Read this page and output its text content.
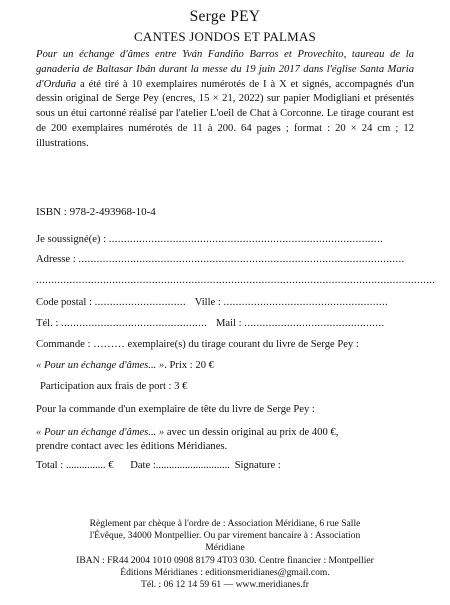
Serge PEY
CANTES JONDOS ET PALMAS
Pour un échange d'âmes entre Yván Fandiño Barros et Provechito, taureau de la ganaderia de Baltasar Ibán durant la messe du 19 juin 2017 dans l'église Santa Maria d'Orduña a été tiré à 10 exemplaires numérotés de I à X et signés, accompagnés d'un dessin original de Serge Pey (encres, 15 × 21, 2022) sur papier Modigliani et présentés sous un étui cartonné réalisé par l'atelier L'oeil de Chat à Corconne. Le tirage courant est de 200 exemplaires numérotés de 11 à 200. 64 pages ; format : 20 × 24 cm ; 12 illustrations.
ISBN : 978-2-493968-10-4
Je soussigné(e) : ..........................................................................................
Adresse : ...........................................................................................................
...................................................................................................................................
Code postal : .............................. Ville : ......................................................
Tél. : ................................................ Mail : ..............................................
Commande : ……… exemplaire(s) du tirage courant du livre de Serge Pey :
« Pour un échange d'âmes... ». Prix : 20 €
Participation aux frais de port : 3 €
Pour la commande d'un exemplaire de tête du livre de Serge Pey :
« Pour un échange d'âmes... » avec un dessin original au prix de 400 €,
prendre contact avec les éditions Méridianes.
Total : ............... € Date :............................ Signature :
Règlement par chèque à l'ordre de : Association Méridiane, 6 rue Salle
l'Évêque, 34000 Montpellier. Ou par virement bancaire à : Association
Méridiane
IBAN : FR44 2004 1010 0908 8179 4T03 030. Centre financier : Montpellier
Éditions Méridianes : editionsmeridianes@gmail.com.
Tél. : 06 12 14 59 61 — www.meridianes.fr
